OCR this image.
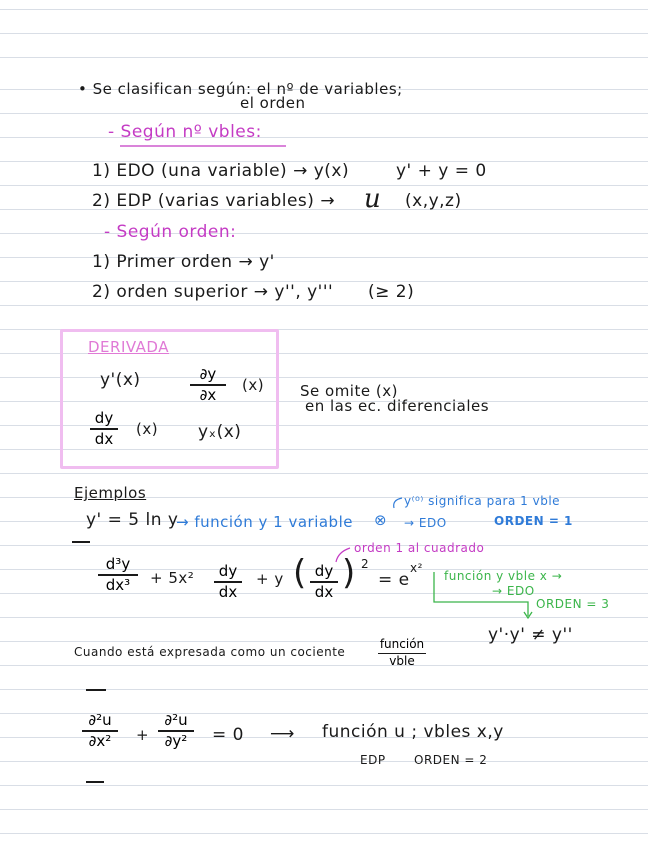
• Se clasifican según: el nº de variables;
el orden
- Según nº vbles:
1) EDO (una variable) → y(x)	y' + y = 0
2) EDP (varias variables) → u (x,y,z)
- Según orden:
1) Primer orden → y'
2) orden superior → y'', y''' (≥ 2)
DERIVADA
y'(x)	∂y
∂x
(x)
dy
dx
(x) yₓ(x)
Se omite (x)
en las ec. diferenciales
Ejemplos	y⁽⁰⁾ significa para 1 vble
y' = 5 ln y
→ función y 1 variable ⊗ → EDO	ORDEN = 1
orden 1 al cuadrado
d³y
dx³	+ 5x²	dy
dx
+ y ( dy
dx ) 2
= e
x²
función y vble x →
→ EDO
ORDEN = 3
y'·y' ≠ y''
Cuando está expresada como un cociente
función
vble
∂²u
∂x²	+
∂²u
∂y²	= 0 ⟶ función u ; vbles x,y
EDP ORDEN = 2
